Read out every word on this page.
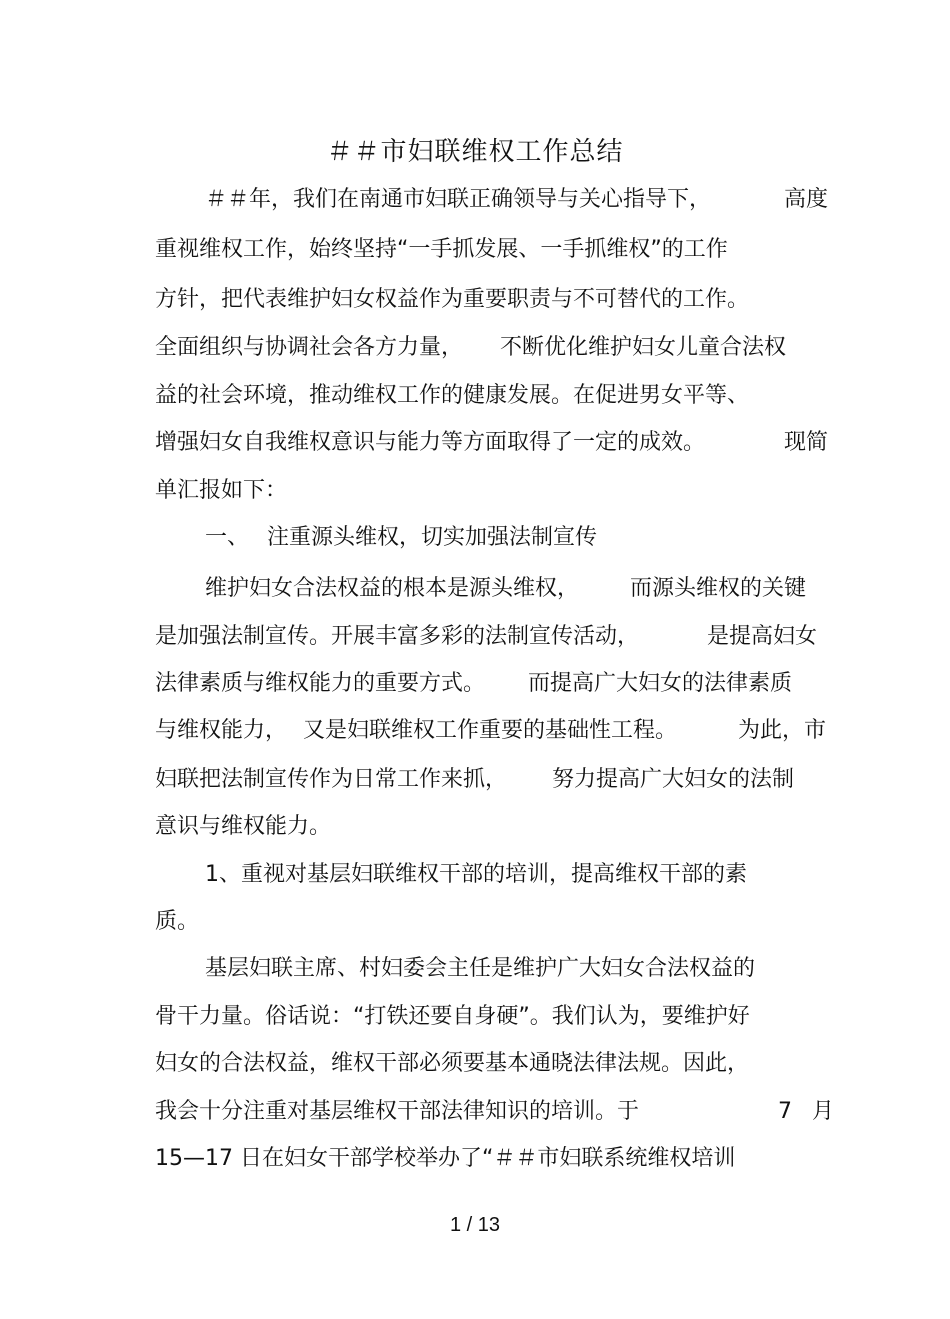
＃＃市妇联维权工作总结
＃＃年，我们在南通市妇联正确领导与关心指导下，	高度
重视维权工作，始终坚持“一手抓发展、一手抓维权”的工作
方针，把代表维护妇女权益作为重要职责与不可替代的工作。
全面组织与协调社会各方力量， 不断优化维护妇女儿童合法权
益的社会环境，推动维权工作的健康发展。在促进男女平等、
增强妇女自我维权意识与能力等方面取得了一定的成效。	现简
单汇报如下：
一、 注重源头维权，切实加强法制宣传
维护妇女合法权益的根本是源头维权， 而源头维权的关键
是加强法制宣传。开展丰富多彩的法制宣传活动，	是提高妇女
法律素质与维权能力的重要方式。 而提高广大妇女的法律素质
与维权能力， 又是妇联维权工作重要的基础性工程。	为此，市
妇联把法制宣传作为日常工作来抓， 努力提高广大妇女的法制
意识与维权能力。
1、重视对基层妇联维权干部的培训，提高维权干部的素
质。
基层妇联主席、村妇委会主任是维护广大妇女合法权益的
骨干力量。俗话说：“打铁还要自身硬”。我们认为，要维护好
妇女的合法权益，维权干部必须要基本通晓法律法规。因此，
我会十分注重对基层维权干部法律知识的培训。于	7 月
15—17 日在妇女干部学校举办了“＃＃市妇联系统维权培训
1 / 13
